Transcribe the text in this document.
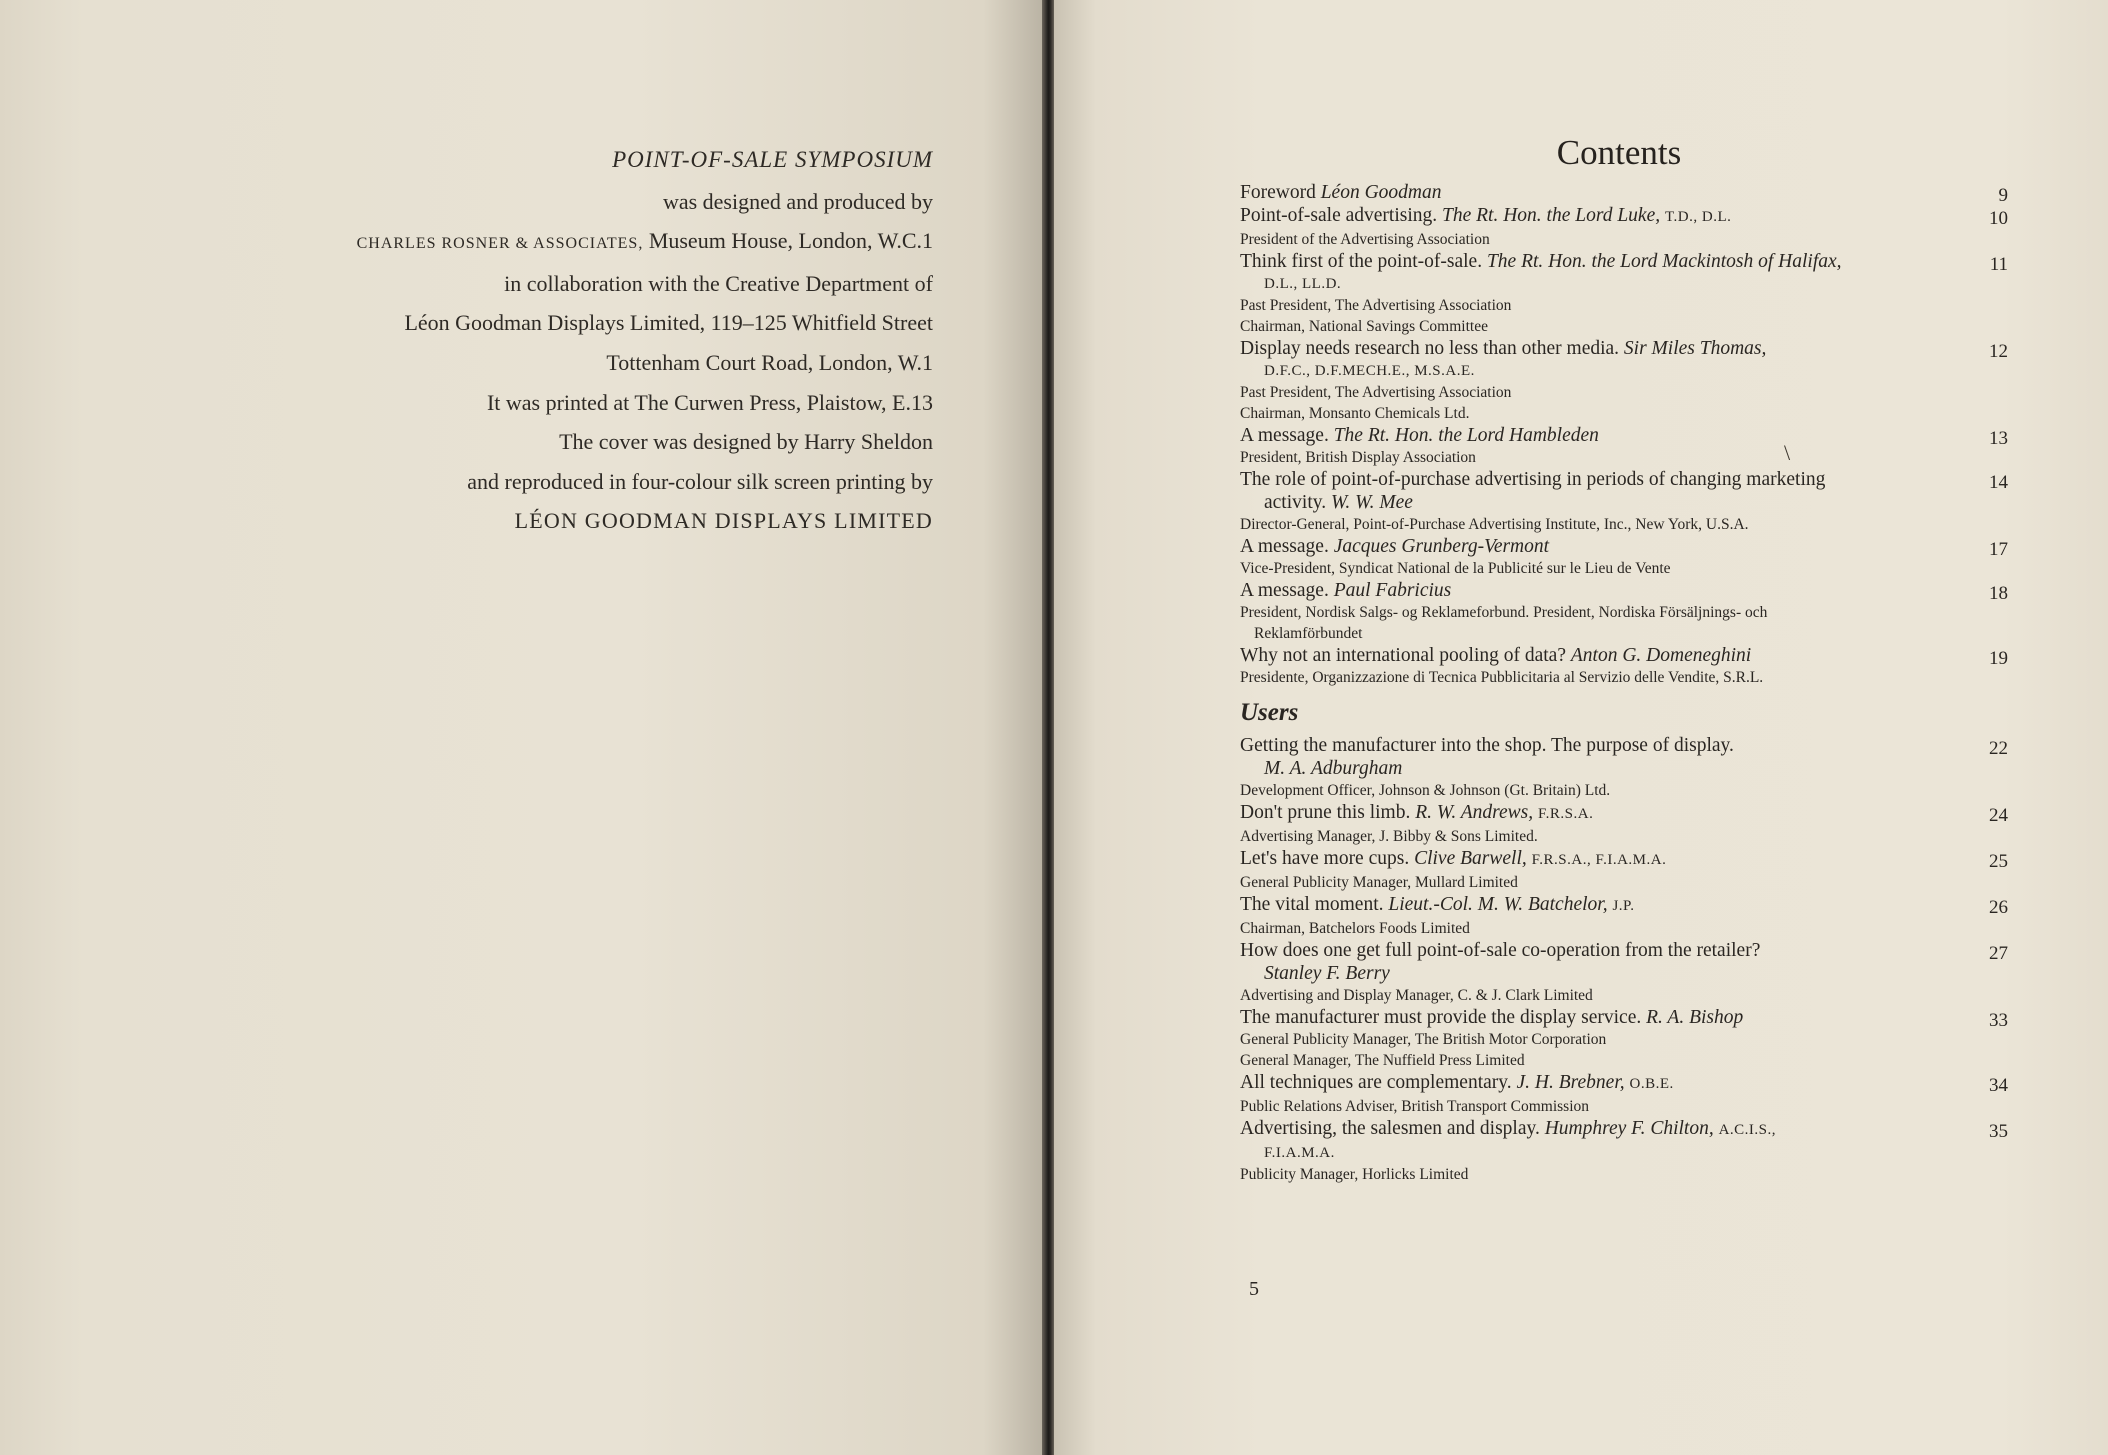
POINT-OF-SALE SYMPOSIUM
was designed and produced by
CHARLES ROSNER & ASSOCIATES, Museum House, London, W.C.1
in collaboration with the Creative Department of
Léon Goodman Displays Limited, 119–125 Whitfield Street
Tottenham Court Road, London, W.1
It was printed at The Curwen Press, Plaistow, E.13
The cover was designed by Harry Sheldon
and reproduced in four-colour silk screen printing by
LÉON GOODMAN DISPLAYS LIMITED
Contents
Foreword Léon Goodman	9
Point-of-sale advertising. The Rt. Hon. the Lord Luke, T.D., D.L.
President of the Advertising Association
10
Think first of the point-of-sale. The Rt. Hon. the Lord Mackintosh of Halifax,
D.L., LL.D.
Past President, The Advertising Association
Chairman, National Savings Committee
11
Display needs research no less than other media. Sir Miles Thomas,
D.F.C., D.F.MECH.E., M.S.A.E.
Past President, The Advertising Association
Chairman, Monsanto Chemicals Ltd.
12
A message. The Rt. Hon. the Lord Hambleden
President, British Display Association
13
The role of point-of-purchase advertising in periods of changing marketing
activity. W. W. Mee
Director-General, Point-of-Purchase Advertising Institute, Inc., New York, U.S.A.
14
A message. Jacques Grunberg-Vermont
Vice-President, Syndicat National de la Publicité sur le Lieu de Vente
17
A message. Paul Fabricius
President, Nordisk Salgs- og Reklameforbund. President, Nordiska Försäljnings- och
Reklamförbundet
18
Why not an international pooling of data? Anton G. Domeneghini
Presidente, Organizzazione di Tecnica Pubblicitaria al Servizio delle Vendite, S.R.L.
19
Users
Getting the manufacturer into the shop. The purpose of display.
M. A. Adburgham
Development Officer, Johnson & Johnson (Gt. Britain) Ltd.
22
Don't prune this limb. R. W. Andrews, F.R.S.A.
Advertising Manager, J. Bibby & Sons Limited.
24
Let's have more cups. Clive Barwell, F.R.S.A., F.I.A.M.A.
General Publicity Manager, Mullard Limited
25
The vital moment. Lieut.-Col. M. W. Batchelor, J.P.
Chairman, Batchelors Foods Limited
26
How does one get full point-of-sale co-operation from the retailer?
Stanley F. Berry
Advertising and Display Manager, C. & J. Clark Limited
27
The manufacturer must provide the display service. R. A. Bishop
General Publicity Manager, The British Motor Corporation
General Manager, The Nuffield Press Limited
33
All techniques are complementary. J. H. Brebner, O.B.E.
Public Relations Adviser, British Transport Commission
34
Advertising, the salesmen and display. Humphrey F. Chilton, A.C.I.S.,
F.I.A.M.A.
Publicity Manager, Horlicks Limited
35
\
5
